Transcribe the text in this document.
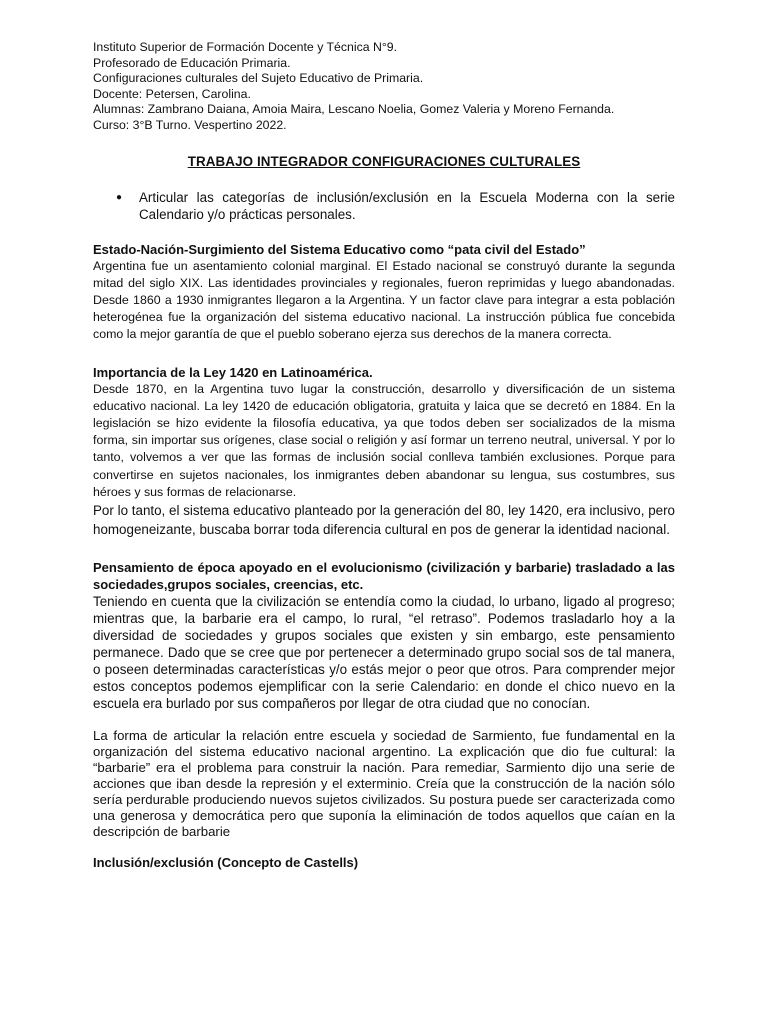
Instituto Superior de Formación Docente y Técnica N°9.

Profesorado de Educación Primaria.

Configuraciones culturales del Sujeto Educativo de Primaria.

Docente: Petersen, Carolina.

Alumnas: Zambrano Daiana, Amoia Maira, Lescano Noelia, Gomez Valeria y Moreno Fernanda.

Curso: 3°B Turno. Vespertino 2022.

TRABAJO INTEGRADOR CONFIGURACIONES CULTURALES
● Articular las categorías de inclusión/exclusión en la Escuela Moderna con la serie Calendario y/o prácticas personales.

Estado-Nación-Surgimiento del Sistema Educativo como “pata civil del Estado”

Argentina fue un asentamiento colonial marginal. El Estado nacional se construyó durante la segunda mitad del siglo XIX. Las identidades provinciales y regionales, fueron reprimidas y luego abandonadas. Desde 1860 a 1930 inmigrantes llegaron a la Argentina. Y un factor clave para integrar a esta población heterogénea fue la organización del sistema educativo nacional. La instrucción pública fue concebida como la mejor garantía de que el pueblo soberano ejerza sus derechos de la manera correcta.

Importancia de la Ley 1420 en Latinoamérica.

Desde 1870, en la Argentina tuvo lugar la construcción, desarrollo y diversificación de un sistema educativo nacional. La ley 1420 de educación obligatoria, gratuita y laica que se decretó en 1884. En la legislación se hizo evidente la filosofía educativa, ya que todos deben ser socializados de la misma forma, sin importar sus orígenes, clase social o religión y así formar un terreno neutral, universal. Y por lo tanto, volvemos a ver que las formas de inclusión social conlleva también exclusiones. Porque para convertirse en sujetos nacionales, los inmigrantes deben abandonar su lengua, sus costumbres, sus héroes y sus formas de relacionarse.

Por lo tanto, el sistema educativo planteado por la generación del 80, ley 1420, era inclusivo, pero homogeneizante, buscaba borrar toda diferencia cultural en pos de generar la identidad nacional.

Pensamiento de época apoyado en el evolucionismo (civilización y barbarie) trasladado a las sociedades,grupos sociales, creencias, etc.

Teniendo en cuenta que la civilización se entendía como la ciudad, lo urbano, ligado al progreso; mientras que, la barbarie era el campo, lo rural, “el retraso”. Podemos trasladarlo hoy a la diversidad de sociedades y grupos sociales que existen y sin embargo, este pensamiento permanece. Dado que se cree que por pertenecer a determinado grupo social sos de tal manera, o poseen determinadas características y/o estás mejor o peor que otros. Para comprender mejor estos conceptos podemos ejemplificar con la serie Calendario: en donde el chico nuevo en la escuela era burlado por sus compañeros por llegar de otra ciudad que no conocían.

La forma de articular la relación entre escuela y sociedad de Sarmiento, fue fundamental en la organización del sistema educativo nacional argentino. La explicación que dio fue cultural: la “barbarie” era el problema para construir la nación. Para remediar, Sarmiento dijo una serie de acciones que iban desde la represión y el exterminio. Creía que la construcción de la nación sólo sería perdurable produciendo nuevos sujetos civilizados. Su postura puede ser caracterizada como una generosa y democrática pero que suponía la eliminación de todos aquellos que caían en la descripción de barbarie

Inclusión/exclusión (Concepto de Castells)
